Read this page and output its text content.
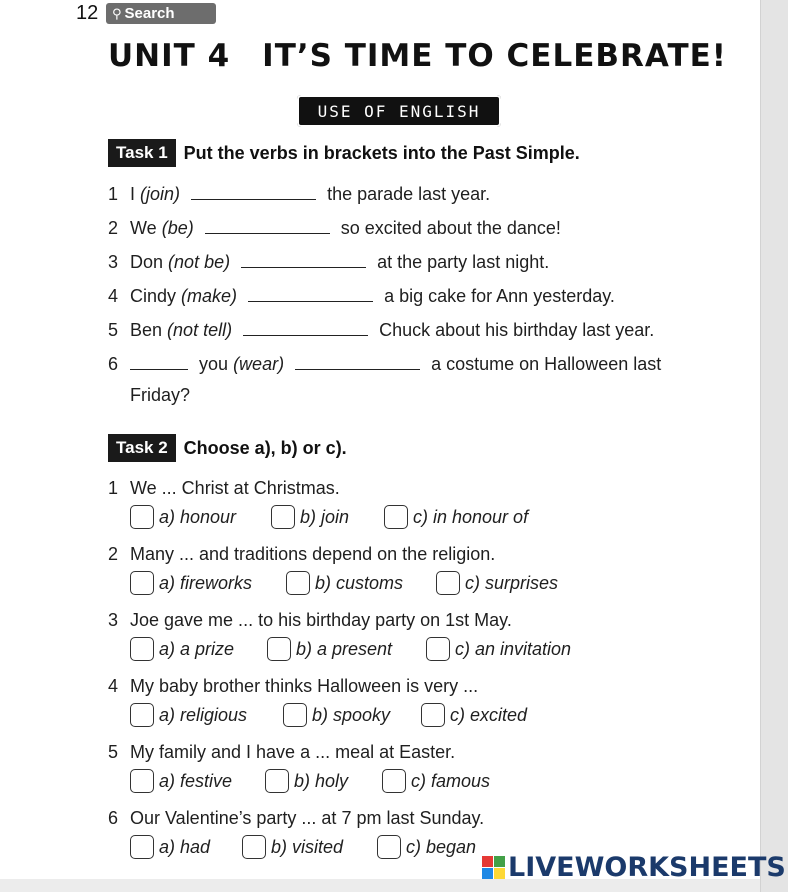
12 ⚲ Search
UNIT 4 IT’S TIME TO CELEBRATE!
USE OF ENGLISH
Task 1 Put the verbs in brackets into the Past Simple.
1 I (join)	the parade last year.
2 We (be)	so excited about the dance!
3 Don (not be)	at the party last night.
4 Cindy (make)	a big cake for Ann yesterday.
5 Ben (not tell)	Chuck about his birthday last year.
6	you (wear)	a costume on Halloween last
Friday?
Task 2 Choose a), b) or c).
1 We ... Christ at Christmas.
a) honour	b) join	c) in honour of
2 Many ... and traditions depend on the religion.
a) fireworks	b) customs	c) surprises
3 Joe gave me ... to his birthday party on 1st May.
a) a prize	b) a present	c) an invitation
4 My baby brother thinks Halloween is very ...
a) religious	b) spooky	c) excited
5 My family and I have a ... meal at Easter.
a) festive	b) holy	c) famous
6 Our Valentine’s party ... at 7 pm last Sunday.
a) had	b) visited	c) began
LIVEWORKSHEETS
